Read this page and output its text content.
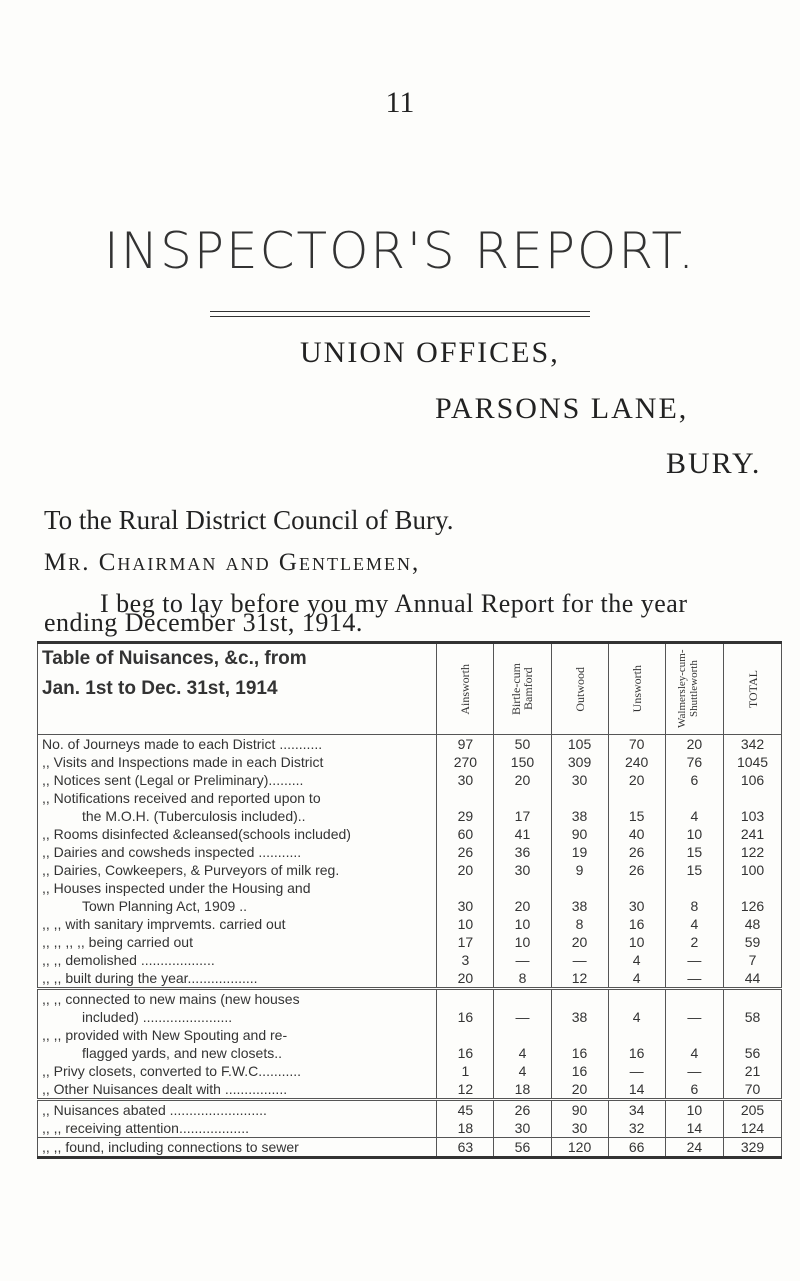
11
INSPECTOR'S REPORT.
UNION OFFICES,
PARSONS LANE,
BURY.
To the Rural District Council of Bury.
Mr. Chairman and Gentlemen,
I beg to lay before you my Annual Report for the year
Table of Nuisances, &c., from
Jan. 1st to Dec. 31st, 1914	Ainsworth	Birtle-cum Bamford	Outwood	Unsworth	Walmersley-cum-Shuttleworth	TOTAL

No. of Journeys made to each District ...........	97	50	105	70	20	342

,, Visits and Inspections made in each District	270	150	309	240	76	1045

,, Notices sent (Legal or Preliminary).........	30	20	30	20	6	106

,, Notifications received and reported upon to
the M.O.H. (Tuberculosis included)..	29	17	38	15	4	103

,, Rooms disinfected &cleansed(schools included)	60	41	90	40	10	241

,, Dairies and cowsheds inspected ...........	26	36	19	26	15	122

,, Dairies, Cowkeepers, & Purveyors of milk reg.	20	30	9	26	15	100

,, Houses inspected under the Housing and
Town Planning Act, 1909 ..	30	20	38	30	8	126

,, ,, with sanitary imprvemts. carried out	10	10	8	16	4	48

,, ,, ,, ,, being carried out	17	10	20	10	2	59

,, ,, demolished ...................	3	—	—	4	—	7

,, ,, built during the year..................	20	8	12	4	—	44

,, ,, connected to new mains (new houses
included) .......................	16	—	38	4	—	58

,, ,, provided with New Spouting and re-
flagged yards, and new closets..	16	4	16	16	4	56

,, Privy closets, converted to F.W.C...........	1	4	16	—	—	21

,, Other Nuisances dealt with ................	12	18	20	14	6	70

,, Nuisances abated .........................	45	26	90	34	10	205

,, ,, receiving attention..................	18	30	30	32	14	124

,, ,, found, including connections to sewer	63	56	120	66	24	329
ending December 31st, 1914.
